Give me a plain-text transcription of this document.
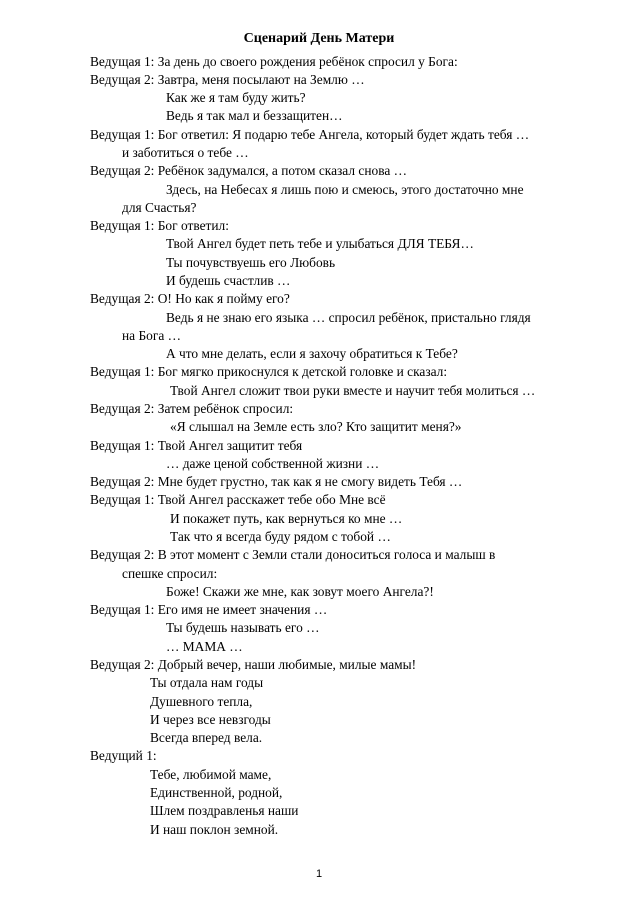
Сценарий День Матери
Ведущая 1: За день до своего рождения ребёнок спросил у Бога:
Ведущая 2: Завтра, меня посылают на Землю …
Как же я там буду жить?
Ведь я так мал и беззащитен…
Ведущая 1: Бог ответил: Я подарю тебе Ангела, который будет ждать тебя …
и заботиться о тебе …
Ведущая 2: Ребёнок задумался, а потом сказал снова …
Здесь, на Небесах я лишь пою и смеюсь, этого достаточно мне
для Счастья?
Ведущая 1: Бог ответил:
Твой Ангел будет петь тебе и улыбаться ДЛЯ ТЕБЯ…
Ты почувствуешь его Любовь
И будешь счастлив …
Ведущая 2: О! Но как я пойму его?
Ведь я не знаю его языка … спросил ребёнок, пристально глядя
на Бога …
А что мне делать, если я захочу обратиться к Тебе?
Ведущая 1: Бог мягко прикоснулся к детской головке и сказал:
Твой Ангел сложит твои руки вместе и научит тебя молиться …
Ведущая 2: Затем ребёнок спросил:
«Я слышал на Земле есть зло? Кто защитит меня?»
Ведущая 1: Твой Ангел защитит тебя
… даже ценой собственной жизни …
Ведущая 2: Мне будет грустно, так как я не смогу видеть Тебя …
Ведущая 1: Твой Ангел расскажет тебе обо Мне всё
И покажет путь, как вернуться ко мне …
Так что я всегда буду рядом с тобой …
Ведущая 2: В этот момент с Земли стали доноситься голоса и малыш в
спешке спросил:
Боже! Скажи же мне, как зовут моего Ангела?!
Ведущая 1: Его имя не имеет значения …
Ты будешь называть его …
… МАМА …
Ведущая 2: Добрый вечер, наши любимые, милые мамы!
Ты отдала нам годы
Душевного тепла,
И через все невзгоды
Всегда вперед вела.
Ведущий 1:
Тебе, любимой маме,
Единственной, родной,
Шлем поздравленья наши
И наш поклон земной.
1
